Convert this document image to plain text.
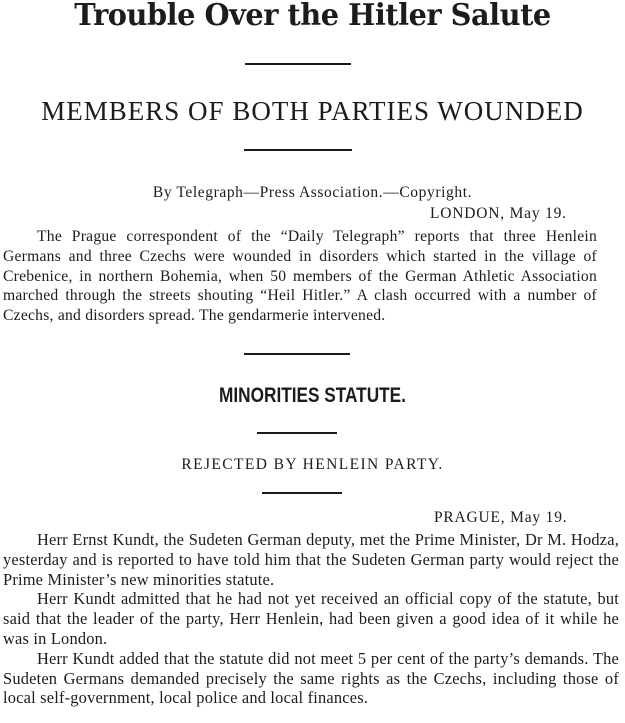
Trouble Over the Hitler Salute
MEMBERS OF BOTH PARTIES WOUNDED
By Telegraph—Press Association.—Copyright.
LONDON, May 19.
The Prague correspondent of the “Daily Telegraph” reports that three Henlein Germans and three Czechs were wounded in disorders which started in the village of Crebenice, in northern Bohemia, when 50 members of the German Athletic Association marched through the streets shouting “Heil Hitler.” A clash occurred with a number of Czechs, and disorders spread. The gendarmerie intervened.
MINORITIES STATUTE.
REJECTED BY HENLEIN PARTY.
PRAGUE, May 19.
Herr Ernst Kundt, the Sudeten German deputy, met the Prime Minister, Dr M. Hodza, yesterday and is reported to have told him that the Sudeten German party would reject the Prime Minister’s new minorities statute.
Herr Kundt admitted that he had not yet received an official copy of the statute, but said that the leader of the party, Herr Henlein, had been given a good idea of it while he was in London.
Herr Kundt added that the statute did not meet 5 per cent of the party’s demands. The Sudeten Germans demanded precisely the same rights as the Czechs, including those of local self-government, local police and local finances.
